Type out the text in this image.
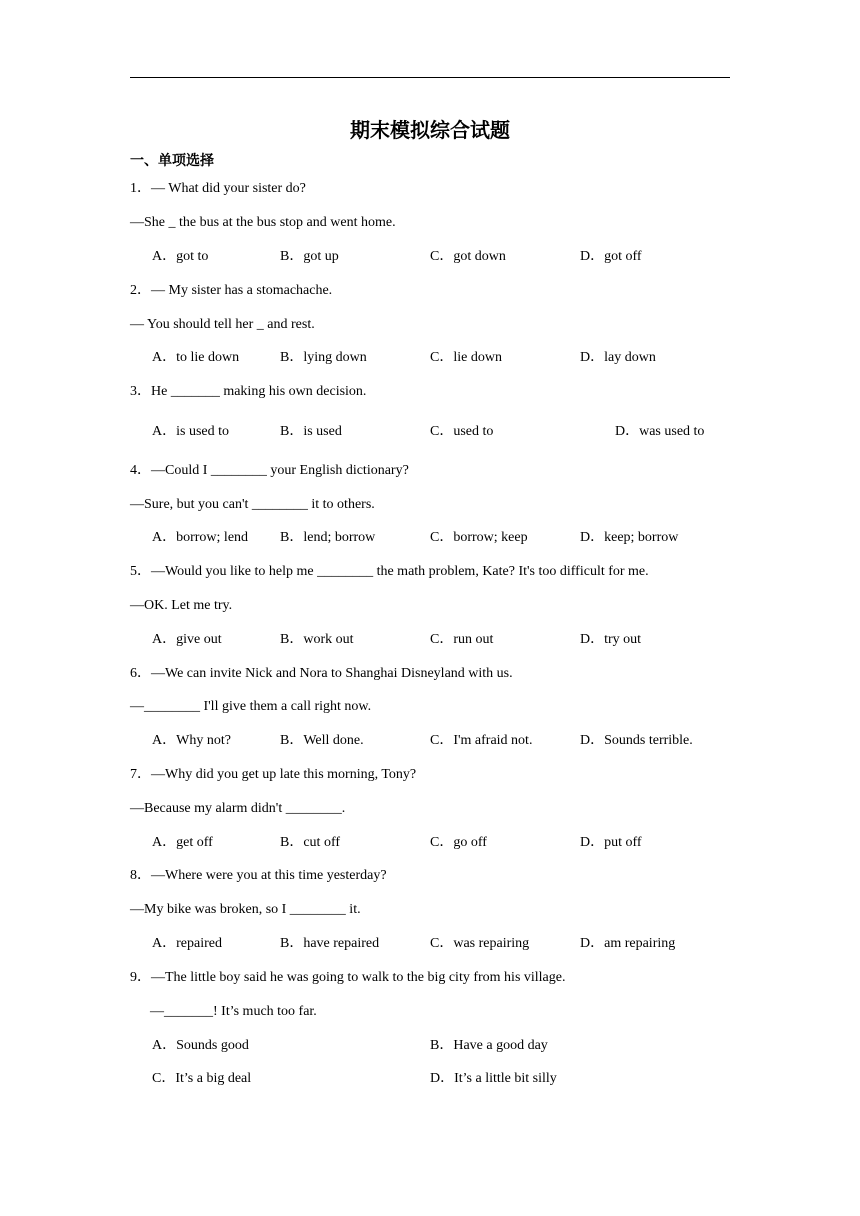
期末模拟综合试题
一、单项选择
1．— What did your sister do?
—She _ the bus at the bus stop and went home.
A．got to	B．got up	C．got down	D．got off
2．— My sister has a stomachache.
— You should tell her _ and rest.
A．to lie down	B．lying down	C．lie down	D．lay down
3．He _______ making his own decision.
A．is used to	B．is used	C．used to	D．was used to
4．—Could I ________ your English dictionary?
—Sure, but you can't ________ it to others.
A．borrow; lend B．lend; borrow	C．borrow; keep	D．keep; borrow
5．—Would you like to help me ________ the math problem, Kate? It's too difficult for me.
—OK. Let me try.
A．give out	B．work out	C．run out	D．try out
6．—We can invite Nick and Nora to Shanghai Disneyland with us.
—________ I'll give them a call right now.
A．Why not?	B．Well done.	C．I'm afraid not.	D．Sounds terrible.
7．—Why did you get up late this morning, Tony?
—Because my alarm didn't ________.
A．get off	B．cut off	C．go off	D．put off
8．—Where were you at this time yesterday?
—My bike was broken, so I ________ it.
A．repaired	B．have repaired	C．was repairing	D．am repairing
9．—The little boy said he was going to walk to the big city from his village.
—_______! It’s much too far.
A．Sounds good	B．Have a good day
C．It’s a big deal	D．It’s a little bit silly
